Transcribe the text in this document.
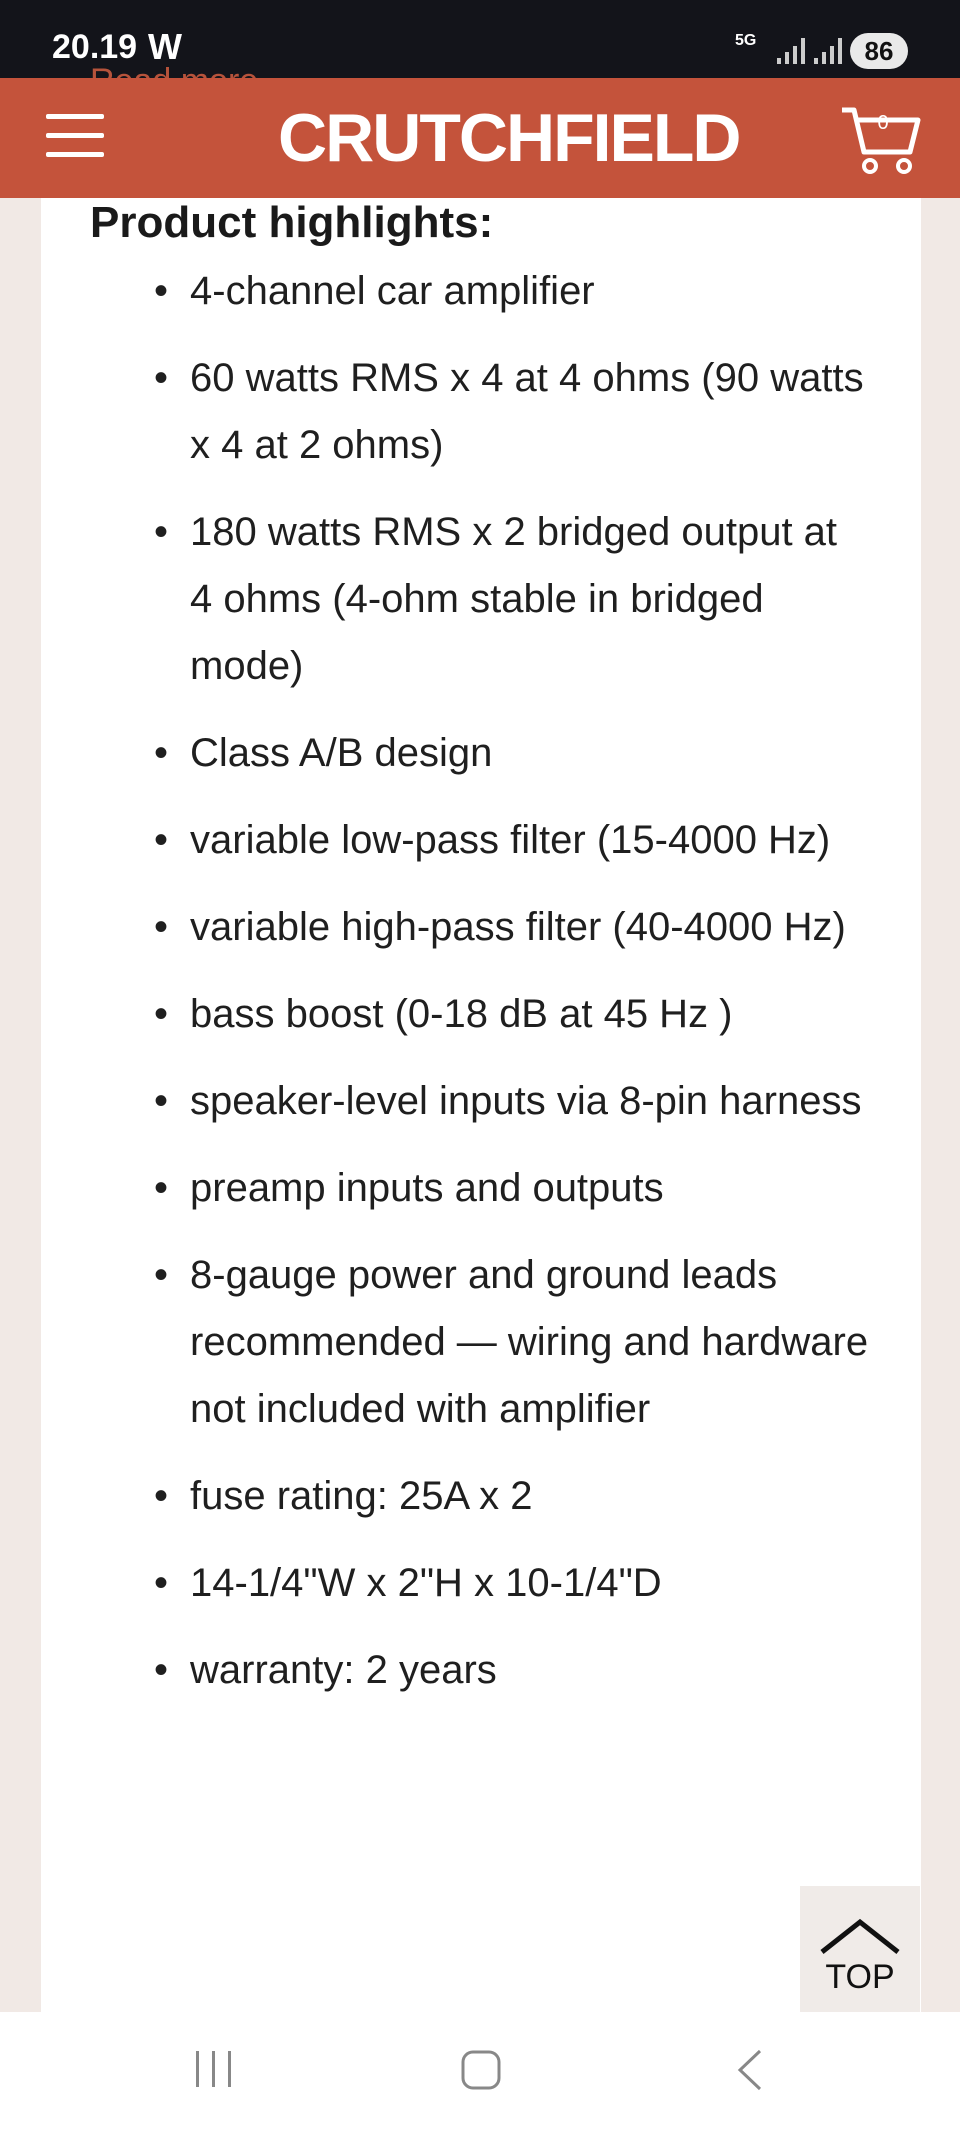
20.19 W	5G	86
CRUTCHFIELD	0
Product highlights:
• 4-channel car amplifier
• 60 watts RMS x 4 at 4 ohms (90 watts x 4 at 2 ohms)
• 180 watts RMS x 2 bridged output at 4 ohms (4-ohm stable in bridged mode)
• Class A/B design
• variable low-pass filter (15-4000 Hz)
• variable high-pass filter (40-4000 Hz)
• bass boost (0-18 dB at 45 Hz )
• speaker-level inputs via 8-pin harness
• preamp inputs and outputs
• 8-gauge power and ground leads recommended — wiring and hardware not included with amplifier
• fuse rating: 25A x 2
• 14-1/4"W x 2"H x 10-1/4"D
• warranty: 2 years
TOP
